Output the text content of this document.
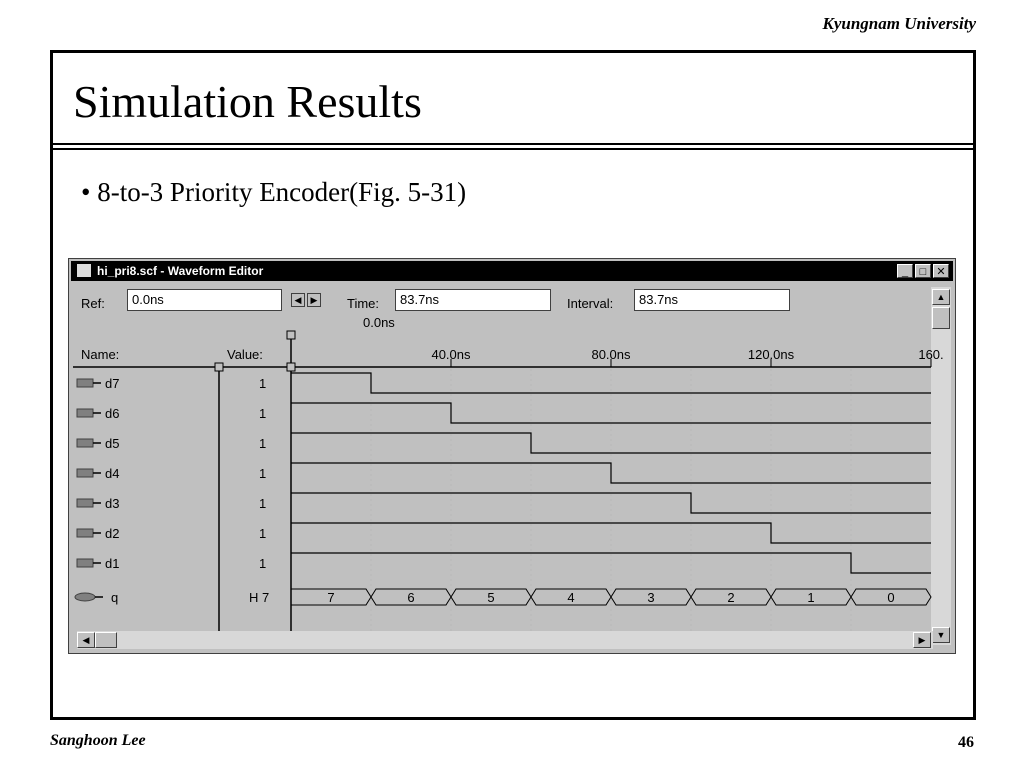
Kyungnam University
Simulation Results
• 8-to-3 Priority Encoder(Fig. 5-31)
hi_pri8.scf - Waveform Editor	_	□ ✕
Ref:	0.0ns	◀	▶ Time:	83.7ns	Interval:	83.7ns	▲
▼
◀	▶
0.0ns
Name:	Value:	40.0ns	80.0ns	120.0ns	160.
d7	1
d6	1
d5	1
d4	1
d3	1
d2	1
d1	1
q	H 7	7	6	5	4	3	2	1	0
Sanghoon Lee	46
